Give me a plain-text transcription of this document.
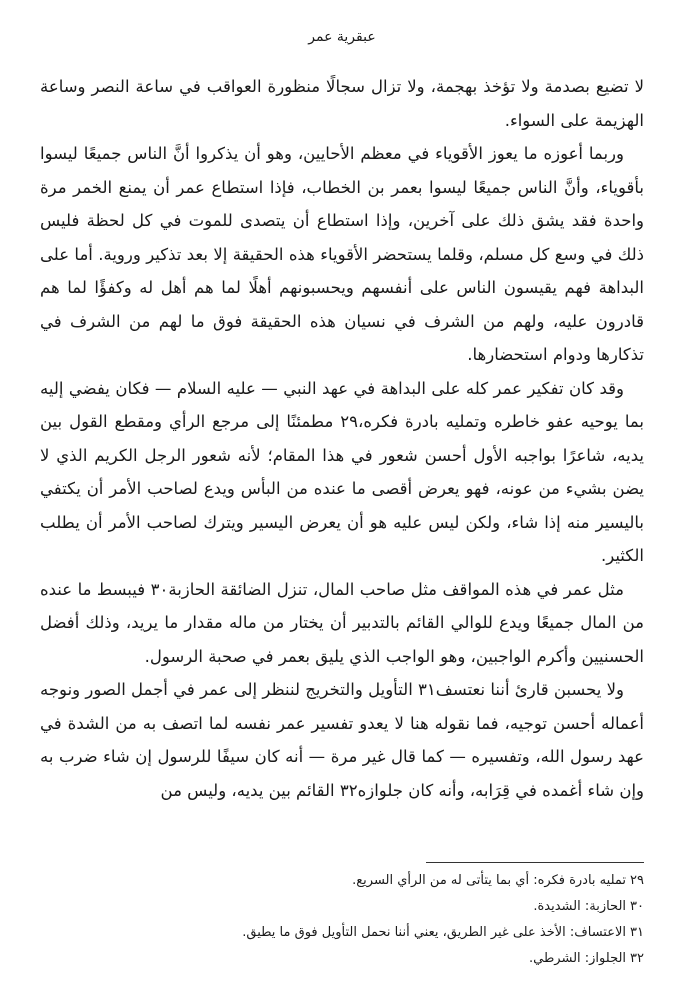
عبقرية عمر

لا تضيع بصدمة ولا تؤخذ بهجمة، ولا تزال سجالًا منظورة العواقب في ساعة النصر وساعة الهزيمة على السواء.

وربما أعوزه ما يعوز الأقوياء في معظم الأحايين، وهو أن يذكروا أنَّ الناس جميعًا ليسوا بأقوياء، وأنَّ الناس جميعًا ليسوا بعمر بن الخطاب، فإذا استطاع عمر أن يمنع الخمر مرة واحدة فقد يشق ذلك على آخرين، وإذا استطاع أن يتصدى للموت في كل لحظة فليس ذلك في وسع كل مسلم، وقلما يستحضر الأقوياء هذه الحقيقة إلا بعد تذكير وروية. أما على البداهة فهم يقيسون الناس على أنفسهم ويحسبونهم أهلًا لما هم أهل له وكفؤًا لما هم قادرون عليه، ولهم من الشرف في نسيان هذه الحقيقة فوق ما لهم من الشرف في تذكارها ودوام استحضارها.

وقد كان تفكير عمر كله على البداهة في عهد النبي — عليه السلام — فكان يفضي إليه بما يوحيه عفو خاطره وتمليه بادرة فكره،٢٩ مطمئنًا إلى مرجع الرأي ومقطع القول بين يديه، شاعرًا بواجبه الأول أحسن شعور في هذا المقام؛ لأنه شعور الرجل الكريم الذي لا يضن بشيء من عونه، فهو يعرض أقصى ما عنده من البأس ويدع لصاحب الأمر أن يكتفي باليسير منه إذا شاء، ولكن ليس عليه هو أن يعرض اليسير ويترك لصاحب الأمر أن يطلب الكثير.

مثل عمر في هذه المواقف مثل صاحب المال، تنزل الضائقة الحازبة٣٠ فيبسط ما عنده من المال جميعًا ويدع للوالي القائم بالتدبير أن يختار من ماله مقدار ما يريد، وذلك أفضل الحسنيين وأكرم الواجبين، وهو الواجب الذي يليق بعمر في صحبة الرسول.

ولا يحسبن قارئ أننا نعتسف٣١ التأويل والتخريج لننظر إلى عمر في أجمل الصور ونوجه أعماله أحسن توجيه، فما نقوله هنا لا يعدو تفسير عمر نفسه لما اتصف به من الشدة في عهد رسول الله، وتفسيره — كما قال غير مرة — أنه كان سيفًا للرسول إن شاء ضرب به وإن شاء أغمده في قِرَابه، وأنه كان جلوازه٣٢ القائم بين يديه، وليس من

٢٩تمليه بادرة فكره: أي بما يتأتى له من الرأي السريع.

٣٠الحازبة: الشديدة.

٣١الاعتساف: الأخذ على غير الطريق، يعني أننا نحمل التأويل فوق ما يطيق.

٣٢الجلواز: الشرطي.
